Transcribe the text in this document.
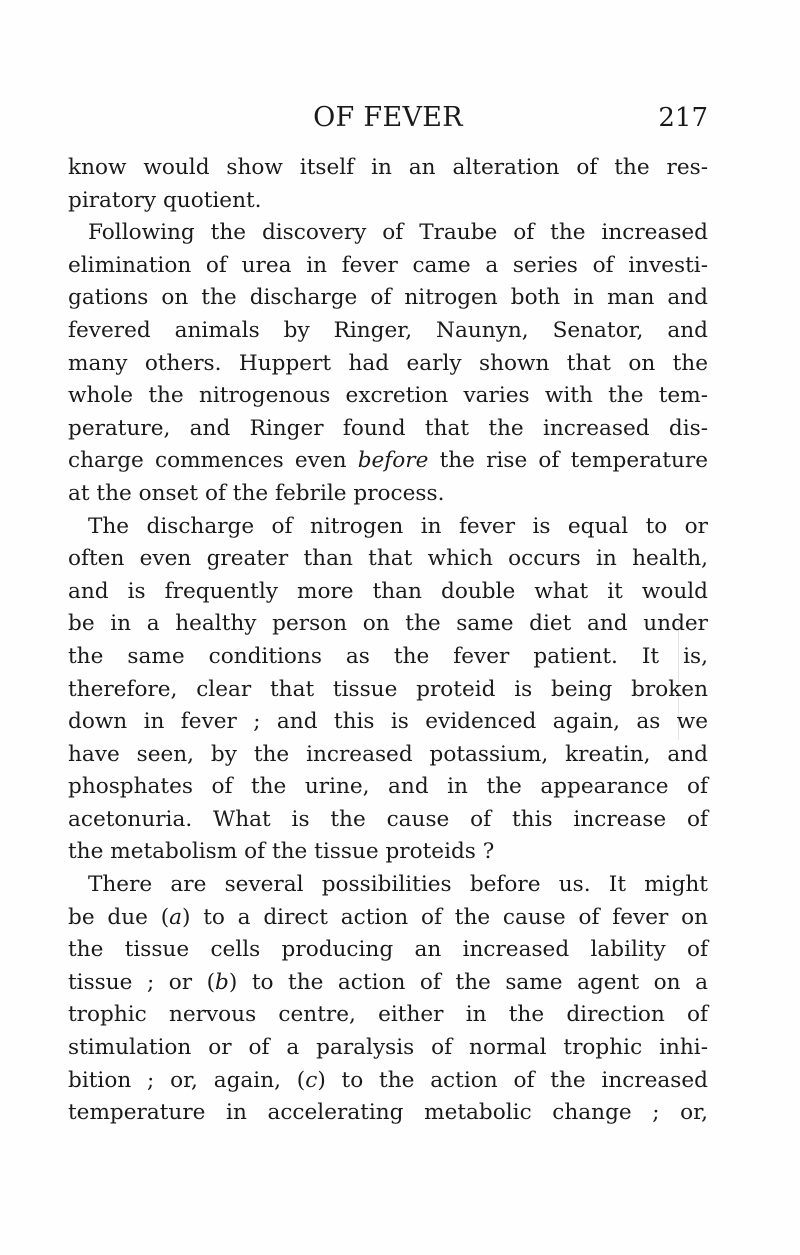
OF FEVER	217
know would show itself in an alteration of the res-
piratory quotient.
Following the discovery of Traube of the increased
elimination of urea in fever came a series of investi-
gations on the discharge of nitrogen both in man and
fevered animals by Ringer, Naunyn, Senator, and
many others. Huppert had early shown that on the
whole the nitrogenous excretion varies with the tem-
perature, and Ringer found that the increased dis-
charge commences even before the rise of temperature
at the onset of the febrile process.
The discharge of nitrogen in fever is equal to or
often even greater than that which occurs in health,
and is frequently more than double what it would
be in a healthy person on the same diet and under
the same conditions as the fever patient. It is,
therefore, clear that tissue proteid is being broken
down in fever ; and this is evidenced again, as we
have seen, by the increased potassium, kreatin, and
phosphates of the urine, and in the appearance of
acetonuria. What is the cause of this increase of
the metabolism of the tissue proteids ?
There are several possibilities before us. It might
be due (a) to a direct action of the cause of fever on
the tissue cells producing an increased lability of
tissue ; or (b) to the action of the same agent on a
trophic nervous centre, either in the direction of
stimulation or of a paralysis of normal trophic inhi-
bition ; or, again, (c) to the action of the increased
temperature in accelerating metabolic change ; or,
